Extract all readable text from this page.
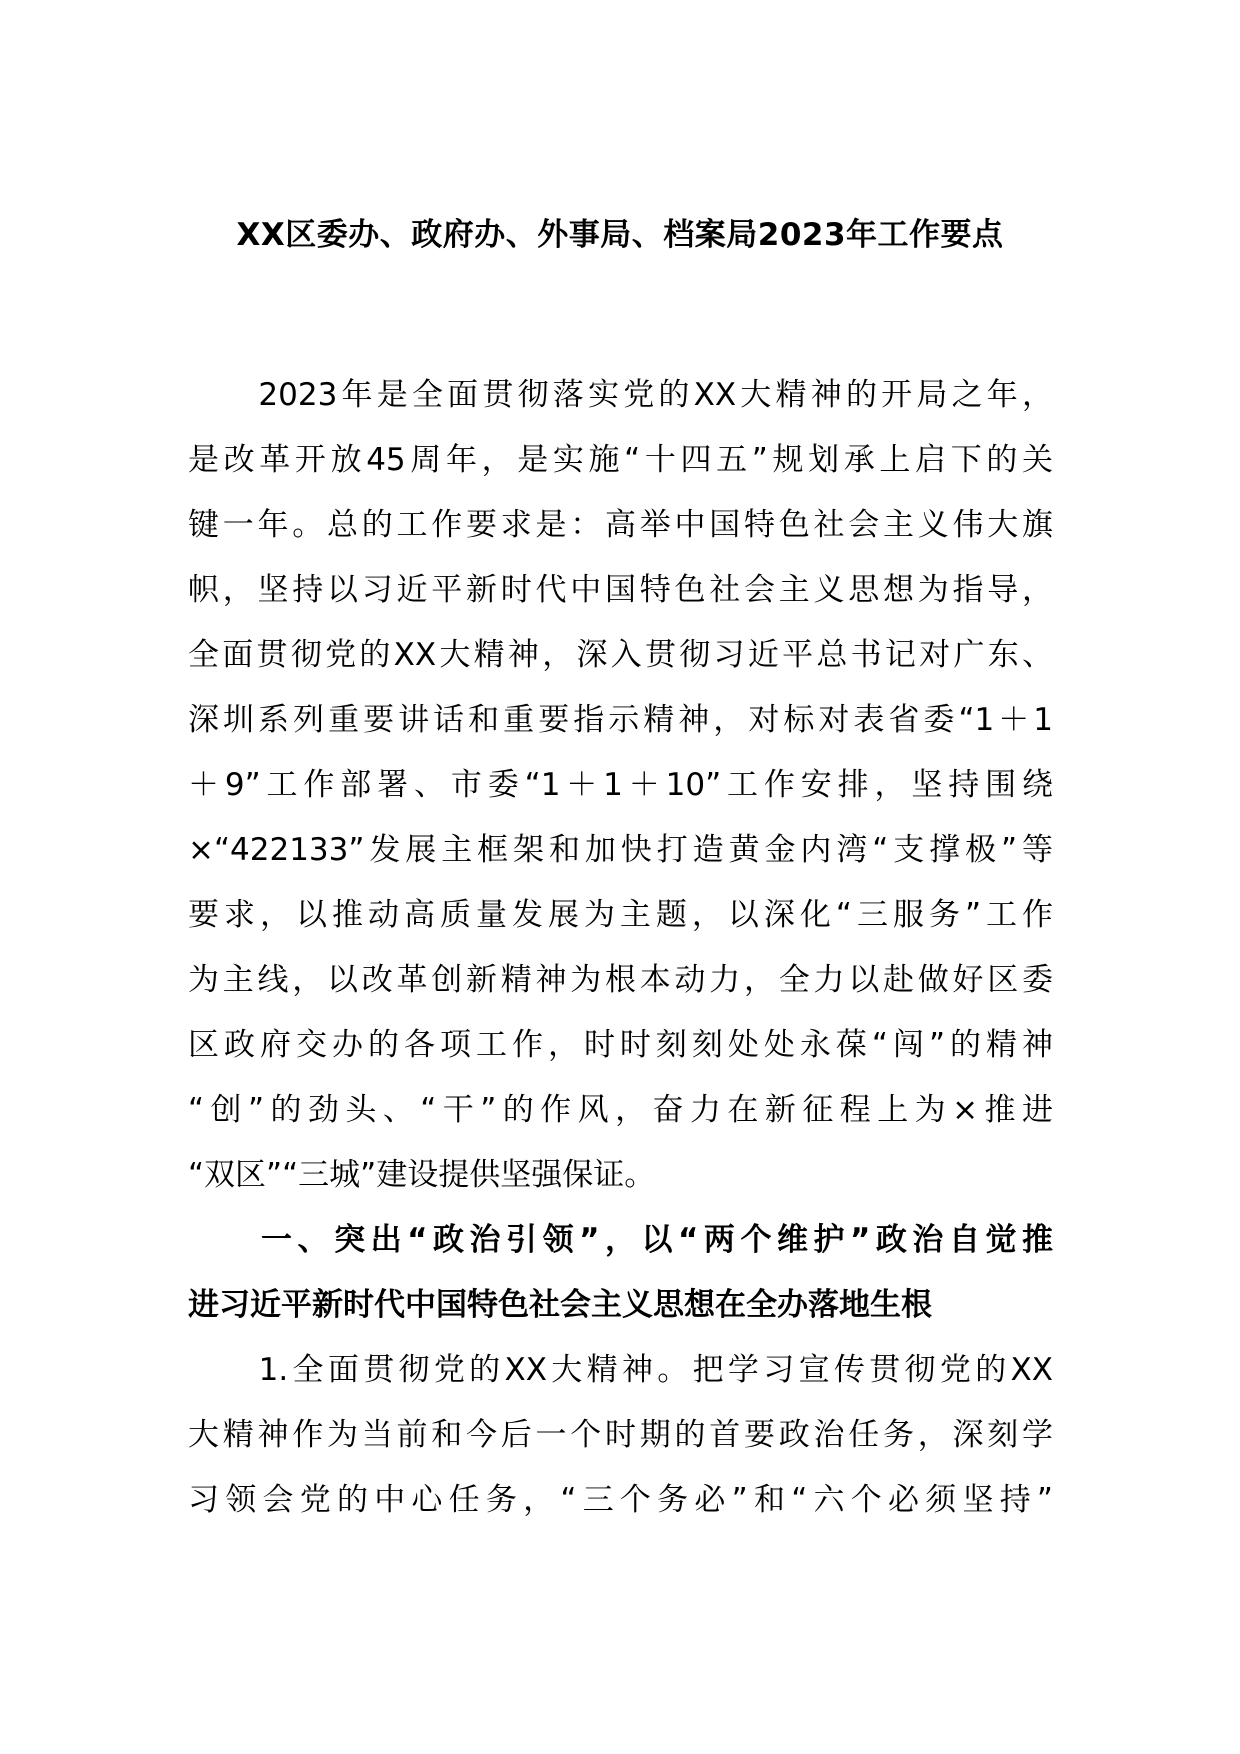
XX区委办、政府办、外事局、档案局2023年工作要点
　　2023年是全面贯彻落实党的XX大精神的开局之年，
是改革开放45周年，是实施“十四五”规划承上启下的关
键一年。总的工作要求是：高举中国特色社会主义伟大旗
帜，坚持以习近平新时代中国特色社会主义思想为指导，
全面贯彻党的XX大精神，深入贯彻习近平总书记对广东、
深圳系列重要讲话和重要指示精神，对标对表省委“1＋1
＋9”工作部署、市委“1＋1＋10”工作安排，坚持围绕
×“422133”发展主框架和加快打造黄金内湾“支撑极”等
要求，以推动高质量发展为主题，以深化“三服务”工作
为主线，以改革创新精神为根本动力，全力以赴做好区委
区政府交办的各项工作，时时刻刻处处永葆“闯”的精神
“创”的劲头、“干”的作风，奋力在新征程上为×推进
“双区”“三城”建设提供坚强保证。
　　一、突出“政治引领”，以“两个维护”政治自觉推
进习近平新时代中国特色社会主义思想在全办落地生根
　　1.全面贯彻党的XX大精神。把学习宣传贯彻党的XX
大精神作为当前和今后一个时期的首要政治任务，深刻学
习领会党的中心任务，“三个务必”和“六个必须坚持”
